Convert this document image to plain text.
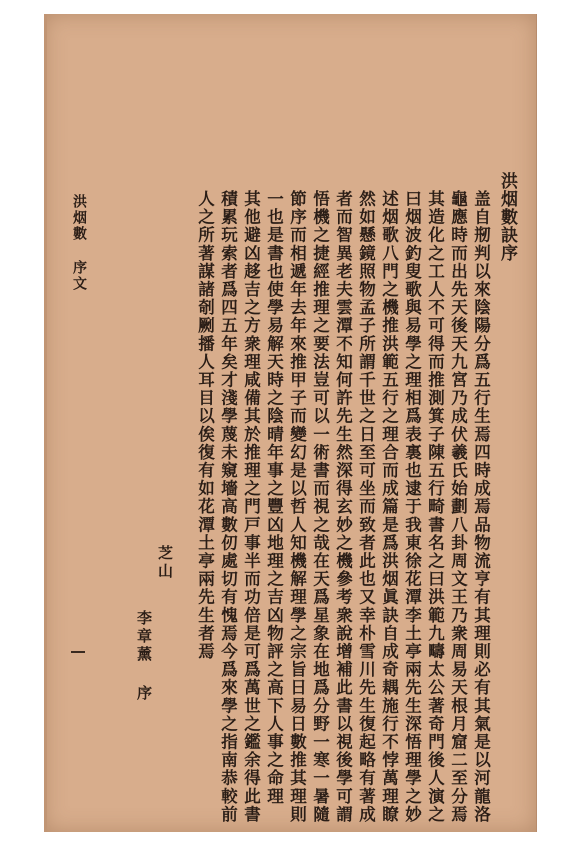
洪烟數訣序
盖自剏判以來陰陽分爲五行生焉四時成焉品物流亨有其理則必有其氣是以河龍洛
龜應時而出先天後天九宮乃成伏羲氏始劃八卦周文王乃衆周易天根月窟二至分焉
其造化之工人不可得而推測箕子陳五行畸書名之曰洪範九疇太公著奇門後人演之
曰烟波釣叟歌與易學之理相爲表裏也逮于我東徐花潭李土亭兩先生深悟理學之妙
述烟歌八門之機推洪範五行之理合而成篇是爲洪烟眞訣自成奇耦施行不悖萬理瞭
然如懸鏡照物孟子所謂千世之日至可坐而致者此也又幸朴雪川先生復起略有著成
者而智異老夫雲潭不知何許先生然深得玄妙之機參考衆說增補此書以視後學可謂
悟機之捷經推理之要法豈可以一術書而視之哉在天爲星象在地爲分野一寒一暑隨
節序而相遞年去年來推甲子而變幻是以哲人知機解理學之宗旨日易日數推其理則
一也是書也使學易解天時之陰晴年事之豐凶地理之吉凶物評之高下人事之命理
其他避凶趍吉之方衆理咸備其於推理之門戸事半而功倍是可爲萬世之鑑余得此書
積累玩索者爲四五年矣才淺學蔑未窺墻高數仞處切有愧焉今爲來學之指南恭較前
人之所著謀諸剞劂播人耳目以俟復有如花潭土亭兩先生者焉
芝山
李章薰 序
洪烟數 序文
